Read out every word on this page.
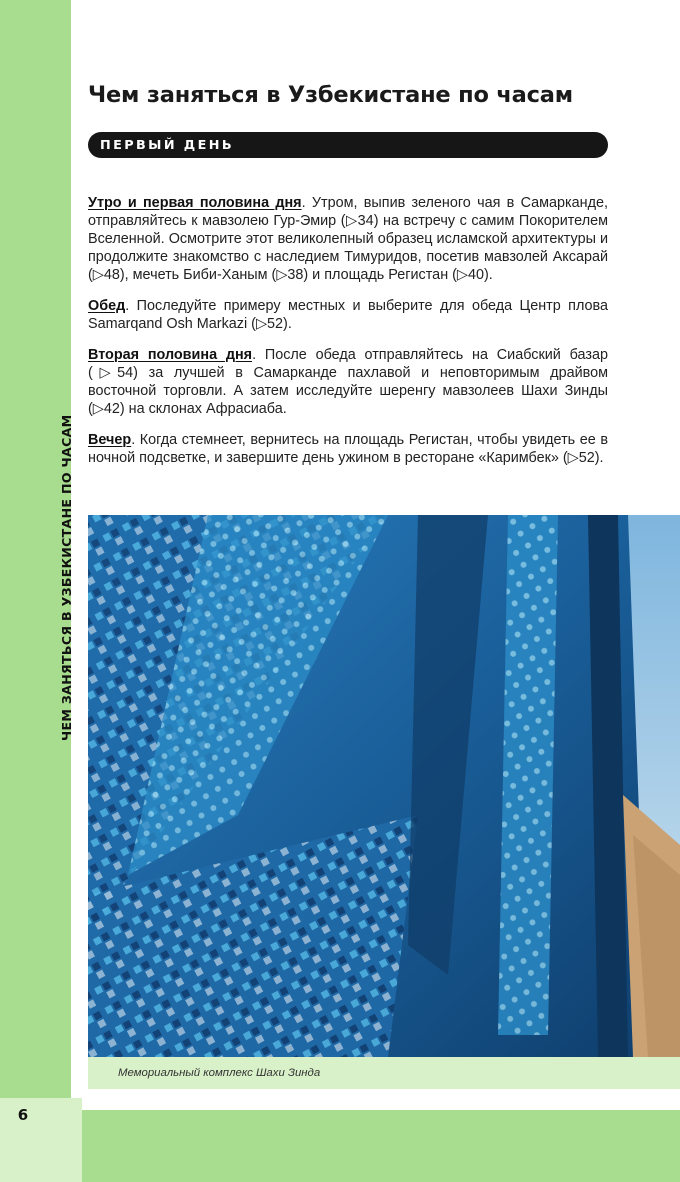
ЧЕМ ЗАНЯТЬСЯ В УЗБЕКИСТАНЕ ПО ЧАСАМ
Чем заняться в Узбекистане по часам
ПЕРВЫЙ ДЕНЬ

Утро и первая половина дня. Утром, выпив зеленого чая в Самарканде, отправляйтесь к мавзолею Гур-Эмир (▷34) на встречу с самим Покорителем Вселенной. Осмотрите этот великолепный образец исламской архитектуры и продолжите знакомство с наследием Тимуридов, посетив мавзолей Аксарай (▷48), мечеть Биби-Ханым (▷38) и площадь Регистан (▷40).

Обед. Последуйте примеру местных и выберите для обеда Центр плова Samarqand Osh Markazi (▷52).

Вторая половина дня. После обеда отправляйтесь на Сиабский базар (▷54) за лучшей в Самарканде пахлавой и неповторимым драйвом восточной торговли. А затем исследуйте шеренгу мавзолеев Шахи Зинды (▷42) на склонах Афрасиаба.

Вечер. Когда стемнеет, вернитесь на площадь Регистан, чтобы увидеть ее в ночной подсветке, и завершите день ужином в ресторане «Каримбек» (▷52).

Мемориальный комплекс Шахи Зинда
6
